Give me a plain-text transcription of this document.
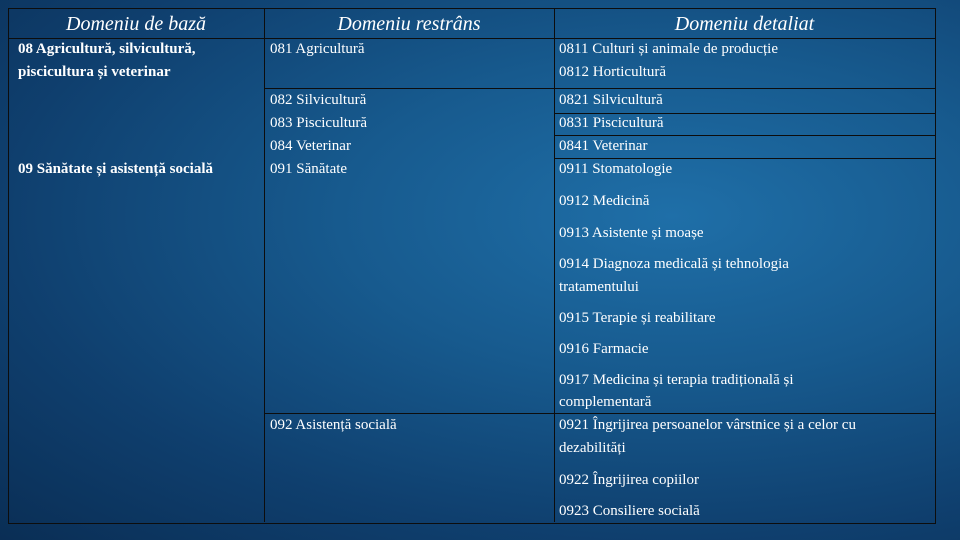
Domeniu de bază	Domeniu restrâns	Domeniu detaliat
08 Agricultură, silvicultură,
piscicultura și veterinar
09 Sănătate și asistență socială
081 Agricultură
082 Silvicultură
083 Piscicultură
084 Veterinar
091 Sănătate
092 Asistență socială
0811 Culturi și animale de producție
0812 Horticultură
0821 Silvicultură
0831 Piscicultură
0841 Veterinar
0911 Stomatologie
0912 Medicină
0913 Asistente și moașe
0914 Diagnoza medicală și tehnologia
tratamentului
0915 Terapie și reabilitare
0916 Farmacie
0917 Medicina și terapia tradițională și
complementară
0921 Îngrijirea persoanelor vârstnice și a celor cu
dezabilități
0922 Îngrijirea copiilor
0923 Consiliere socială
